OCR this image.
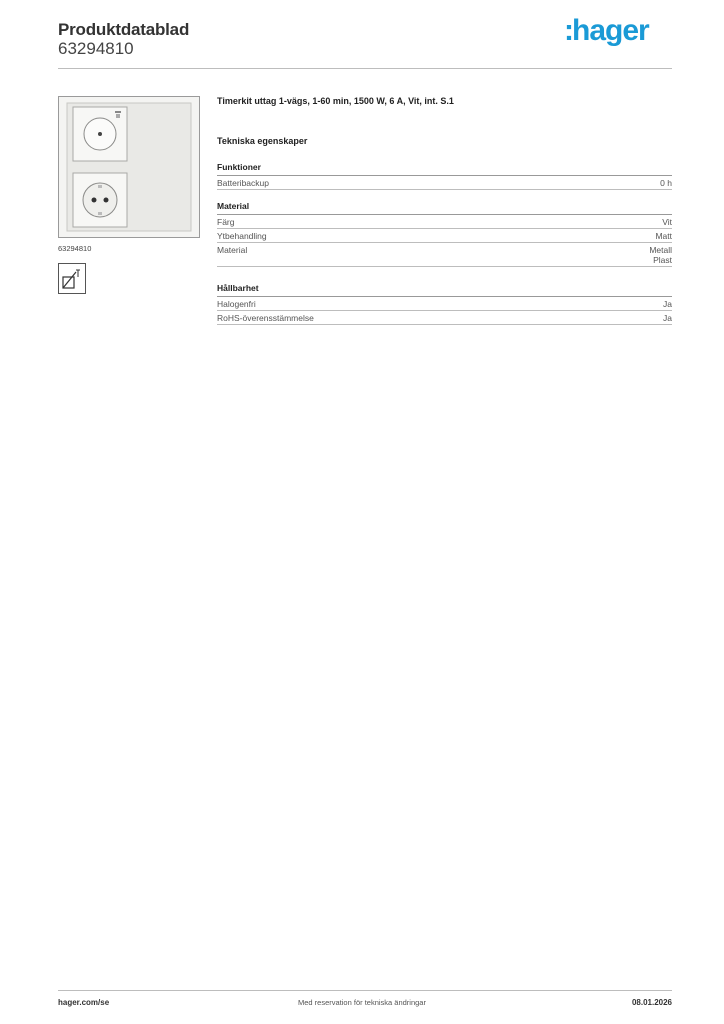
Produktdatablad
63294810
:hager
63294810
Timerkit uttag 1-vägs, 1-60 min, 1500 W, 6 A, Vit, int. S.1
Tekniska egenskaper
Funktioner
Batteribackup	0 h
Material
Färg	Vit
Ytbehandling	Matt
Material	Metall
Plast
Hållbarhet
Halogenfri	Ja
RoHS-överensstämmelse	Ja
hager.com/se	Med reservation för tekniska ändringar	08.01.2026
